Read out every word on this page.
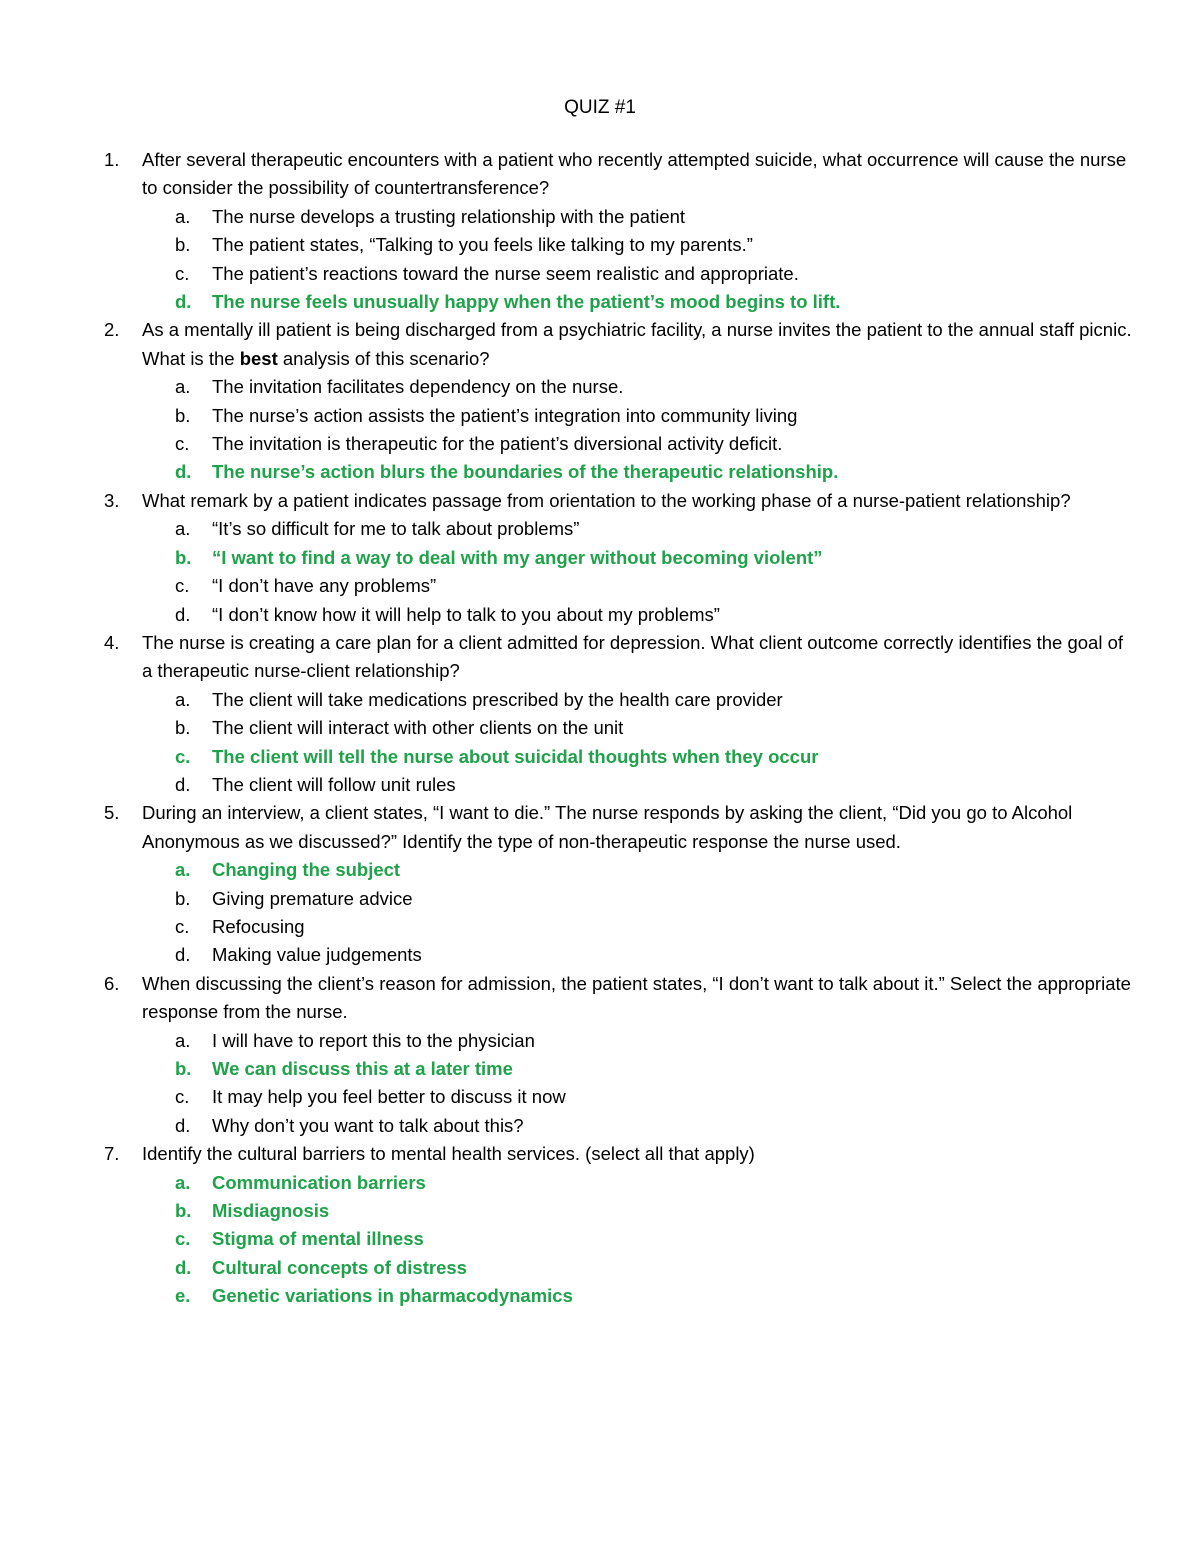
QUIZ #1
1. After several therapeutic encounters with a patient who recently attempted suicide, what occurrence will cause the nurse to consider the possibility of countertransference?
a. The nurse develops a trusting relationship with the patient
b. The patient states, “Talking to you feels like talking to my parents.”
c. The patient’s reactions toward the nurse seem realistic and appropriate.
d. The nurse feels unusually happy when the patient’s mood begins to lift.
2. As a mentally ill patient is being discharged from a psychiatric facility, a nurse invites the patient to the annual staff picnic. What is the best analysis of this scenario?
a. The invitation facilitates dependency on the nurse.
b. The nurse’s action assists the patient’s integration into community living
c. The invitation is therapeutic for the patient’s diversional activity deficit.
d. The nurse’s action blurs the boundaries of the therapeutic relationship.
3. What remark by a patient indicates passage from orientation to the working phase of a nurse-patient relationship?
a. “It’s so difficult for me to talk about problems”
b. “I want to find a way to deal with my anger without becoming violent”
c. “I don’t have any problems”
d. “I don’t know how it will help to talk to you about my problems”
4. The nurse is creating a care plan for a client admitted for depression. What client outcome correctly identifies the goal of a therapeutic nurse-client relationship?
a. The client will take medications prescribed by the health care provider
b. The client will interact with other clients on the unit
c. The client will tell the nurse about suicidal thoughts when they occur
d. The client will follow unit rules
5. During an interview, a client states, “I want to die.” The nurse responds by asking the client, “Did you go to Alcohol Anonymous as we discussed?” Identify the type of non-therapeutic response the nurse used.
a. Changing the subject
b. Giving premature advice
c. Refocusing
d. Making value judgements
6. When discussing the client’s reason for admission, the patient states, “I don’t want to talk about it.” Select the appropriate response from the nurse.
a. I will have to report this to the physician
b. We can discuss this at a later time
c. It may help you feel better to discuss it now
d. Why don’t you want to talk about this?
7. Identify the cultural barriers to mental health services. (select all that apply)
a. Communication barriers
b. Misdiagnosis
c. Stigma of mental illness
d. Cultural concepts of distress
e. Genetic variations in pharmacodynamics
